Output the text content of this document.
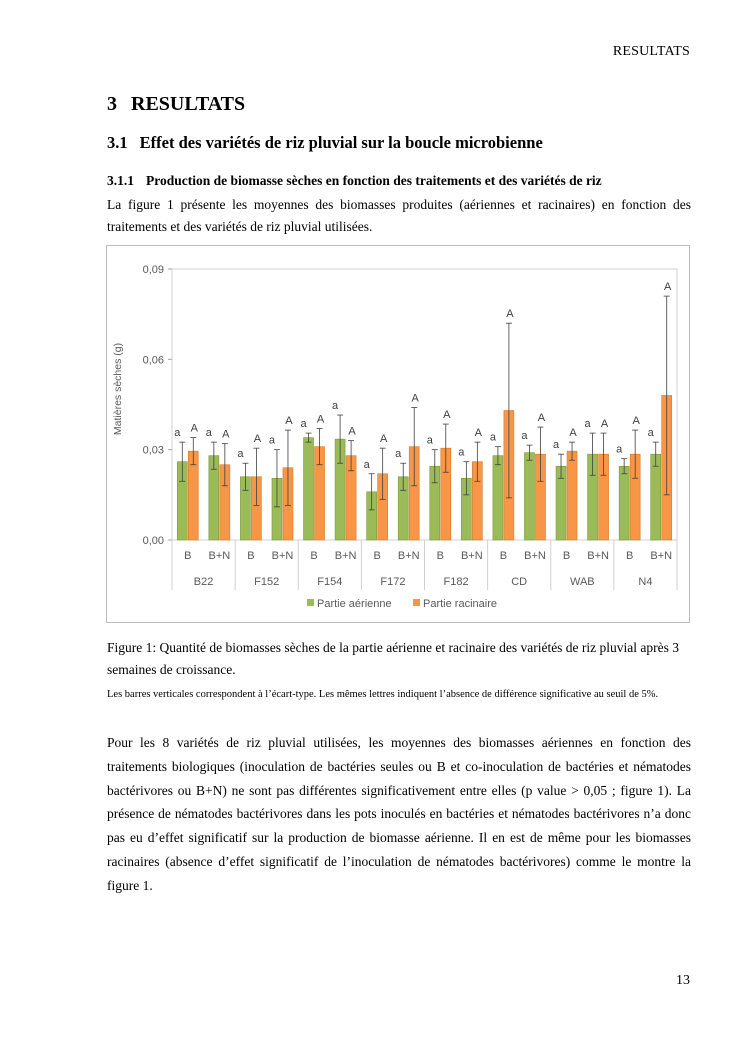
RESULTATS
3 RESULTATS
3.1 Effet des variétés de riz pluvial sur la boucle microbienne
3.1.1 Production de biomasse sèches en fonction des traitements et des variétés de riz
La figure 1 présente les moyennes des biomasses produites (aériennes et racinaires) en fonction des traitements et des variétés de riz pluvial utilisées.
Matières sèches (g)
0,00
0,03
0,06
0,09
a A
B
a A
B+N
a
A
B
a
A
B+N
a A
B
a
A
B+N
a
A
B
a
A
B+N
a
A
B
a
A
B+N
a
A
B
a
A
B+N
a
A
B
a A
B+N
a
A
B
a
A
B+N
B22	F152	F154	F172	F182	CD	WAB	N4
Partie aérienne	Partie racinaire
Figure 1: Quantité de biomasses sèches de la partie aérienne et racinaire des variétés de riz pluvial après 3 semaines de croissance.
Les barres verticales correspondent à l’écart-type. Les mêmes lettres indiquent l’absence de différence significative au seuil de 5%.
Pour les 8 variétés de riz pluvial utilisées, les moyennes des biomasses aériennes en fonction des traitements biologiques (inoculation de bactéries seules ou B et co-inoculation de bactéries et nématodes bactérivores ou B+N) ne sont pas différentes significativement entre elles (p value > 0,05 ; figure 1). La présence de nématodes bactérivores dans les pots inoculés en bactéries et nématodes bactérivores n’a donc pas eu d’effet significatif sur la production de biomasse aérienne. Il en est de même pour les biomasses racinaires (absence d’effet significatif de l’inoculation de nématodes bactérivores) comme le montre la figure 1.
13
